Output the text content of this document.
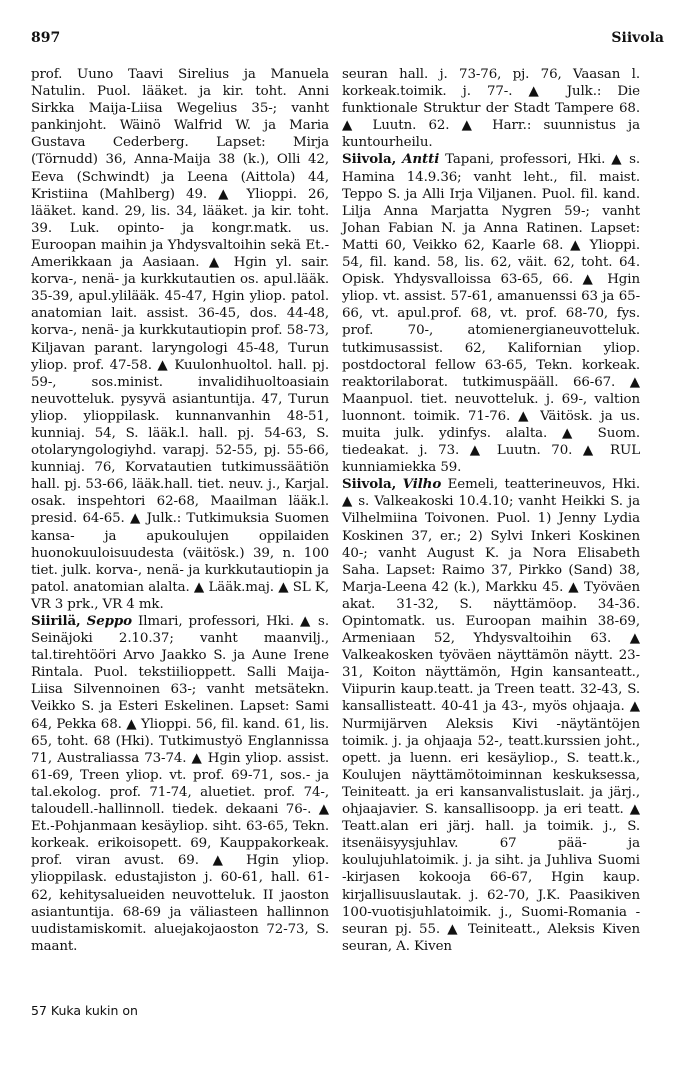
897	Siivola

prof. Uuno Taavi Sirelius ja Manuela Natulin. Puol. lääket. ja kir. toht. Anni Sirkka Maija-Liisa Wegelius 35-; vanht pankinjoht. Wäinö Walfrid W. ja Maria Gustava Cederberg. Lapset: Mirja (Törnudd) 36, Anna-Maija 38 (k.), Olli 42, Eeva (Schwindt) ja Leena (Aittola) 44, Kristiina (Mahlberg) 49. ▲ Ylioppi. 26, lääket. kand. 29, lis. 34, lääket. ja kir. toht. 39. Luk. opinto- ja kongr.matk. us. Euroopan maihin ja Yhdysvaltoihin sekä Et.-Amerikkaan ja Aasiaan. ▲ Hgin yl. sair. korva-, nenä- ja kurkkutautien os. apul.lääk. 35-39, apul.ylilääk. 45-47, Hgin yliop. patol. anatomian lait. assist. 36-45, dos. 44-48, korva-, nenä- ja kurkkutautiopin prof. 58-73, Kiljavan parant. laryngologi 45-48, Turun yliop. prof. 47-58. ▲ Kuulonhuoltol. hall. pj. 59-, sos.minist. invalidihuoltoasiain neuvotteluk. pysyvä asiantuntija. 47, Turun yliop. ylioppilask. kunnanvanhin 48-51, kunniaj. 54, S. lääk.l. hall. pj. 54-63, S. otolaryngologiyhd. varapj. 52-55, pj. 55-66, kunniaj. 76, Korvatautien tutkimussäätiön hall. pj. 53-66, lääk.hall. tiet. neuv. j., Karjal. osak. inspehtori 62-68, Maailman lääk.l. presid. 64-65. ▲ Julk.: Tutkimuksia Suomen kansa- ja apukoulujen oppilaiden huonokuuloisuudesta (väitösk.) 39, n. 100 tiet. julk. korva-, nenä- ja kurkkutautiopin ja patol. anatomian alalta. ▲ Lääk.maj. ▲ SL K, VR 3 prk., VR 4 mk.

Siirilä, Seppo Ilmari, professori, Hki. ▲ s. Seinäjoki 2.10.37; vanht maanvilj., tal.tirehtööri Arvo Jaakko S. ja Aune Irene Rintala. Puol. tekstiilioppett. Salli Maija-Liisa Silvennoinen 63-; vanht metsätekn. Veikko S. ja Esteri Eskelinen. Lapset: Sami 64, Pekka 68. ▲ Ylioppi. 56, fil. kand. 61, lis. 65, toht. 68 (Hki). Tutkimustyö Englannissa 71, Australiassa 73-74. ▲ Hgin yliop. assist. 61-69, Treen yliop. vt. prof. 69-71, sos.- ja tal.ekolog. prof. 71-74, aluetiet. prof. 74-, taloudell.-hallinnoll. tiedek. dekaani 76-. ▲ Et.-Pohjanmaan kesäyliop. siht. 63-65, Tekn. korkeak. erikoisopett. 69, Kauppakorkeak. prof. viran avust. 69. ▲ Hgin yliop. ylioppilask. edustajiston j. 60-61, hall. 61-62, kehitysalueiden neuvotteluk. II jaoston asiantuntija. 68-69 ja väliasteen hallinnon uudistamiskomit. aluejakojaoston 72-73, S. maant.

seuran hall. j. 73-76, pj. 76, Vaasan l. korkeak.toimik. j. 77-. ▲ Julk.: Die funktionale Struktur der Stadt Tampere 68. ▲ Luutn. 62. ▲ Harr.: suunnistus ja kuntourheilu.

Siivola, Antti Tapani, professori, Hki. ▲ s. Hamina 14.9.36; vanht leht., fil. maist. Teppo S. ja Alli Irja Viljanen. Puol. fil. kand. Lilja Anna Marjatta Nygren 59-; vanht Johan Fabian N. ja Anna Ratinen. Lapset: Matti 60, Veikko 62, Kaarle 68. ▲ Ylioppi. 54, fil. kand. 58, lis. 62, väit. 62, toht. 64. Opisk. Yhdysvalloissa 63-65, 66. ▲ Hgin yliop. vt. assist. 57-61, amanuenssi 63 ja 65-66, vt. apul.prof. 68, vt. prof. 68-70, fys. prof. 70-, atomienergianeuvotteluk. tutkimusassist. 62, Kalifornian yliop. postdoctoral fellow 63-65, Tekn. korkeak. reaktorilaborat. tutkimuspääll. 66-67. ▲ Maanpuol. tiet. neuvotteluk. j. 69-, valtion luonnont. toimik. 71-76. ▲ Väitösk. ja us. muita julk. ydinfys. alalta. ▲ Suom. tiedeakat. j. 73. ▲ Luutn. 70. ▲ RUL kunniamiekka 59.

Siivola, Vilho Eemeli, teatterineuvos, Hki. ▲ s. Valkeakoski 10.4.10; vanht Heikki S. ja Vilhelmiina Toivonen. Puol. 1) Jenny Lydia Koskinen 37, er.; 2) Sylvi Inkeri Koskinen 40-; vanht August K. ja Nora Elisabeth Saha. Lapset: Raimo 37, Pirkko (Sand) 38, Marja-Leena 42 (k.), Markku 45. ▲ Työväen akat. 31-32, S. näyttämöop. 34-36. Opintomatk. us. Euroopan maihin 38-69, Armeniaan 52, Yhdysvaltoihin 63. ▲ Valkeakosken työväen näyttämön näytt. 23-31, Koiton näyttämön, Hgin kansanteatt., Viipurin kaup.teatt. ja Treen teatt. 32-43, S. kansallisteatt. 40-41 ja 43-, myös ohjaaja. ▲ Nurmijärven Aleksis Kivi -näytäntöjen toimik. j. ja ohjaaja 52-, teatt.kurssien joht., opett. ja luenn. eri kesäyliop., S. teatt.k., Koulujen näyttämötoiminnan keskuksessa, Teiniteatt. ja eri kansanvalistuslait. ja järj., ohjaajavier. S. kansallisoopp. ja eri teatt. ▲ Teatt.alan eri järj. hall. ja toimik. j., S. itsenäisyysjuhlav. 67 pää- ja koulujuhlatoimik. j. ja siht. ja Juhliva Suomi -kirjasen kokooja 66-67, Hgin kaup. kirjallisuuslautak. j. 62-70, J.K. Paasikiven 100-vuotisjuhlatoimik. j., Suomi-Romania -seuran pj. 55. ▲ Teiniteatt., Aleksis Kiven seuran, A. Kiven

57 Kuka kukin on
